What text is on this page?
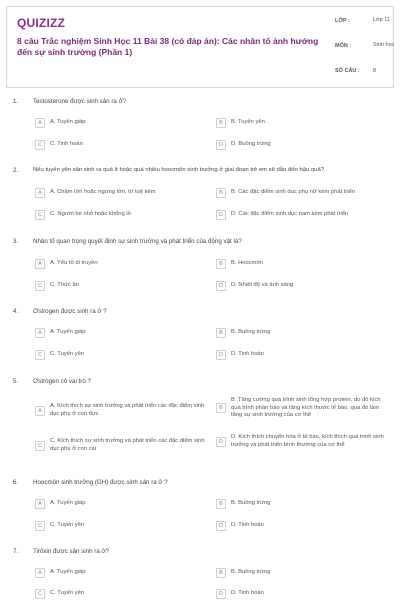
QUIZIZZ
8 câu Trắc nghiệm Sinh Học 11 Bài 38 (có đáp án): Các nhân tố ảnh hưởng đến sự sinh trưởng (Phần 1)
LỚP :	Lớp 11
MÔN :	Sinh học
SỐ CÂU : 8
1.	Testosterone được sinh sản ra ở?
A	A. Tuyến giáp	B	B. Tuyến yên
C	C. Tinh hoàn	D	D. Buồng trứng
2.	Nếu tuyến yên sản sinh ra quá ít hoặc quá nhiều hoocmôn sinh trưởng ở giai đoạn trẻ em sẽ dẫn đến hậu quả?
A	A. Chậm lớn hoặc ngừng lớn, trí tuệ kém	B	B. Các đặc điểm sinh dục phụ nữ kém phát triển
C	C. Người bé nhỏ hoặc khổng lồ	D	D. Các đặc điểm sinh dục nam kém phát triển
3.	Nhân tố quan trọng quyết định sự sinh trưởng và phát triển của động vật là?
A	A. Yếu tố di truyền	B	B. Hoocmôn
C	C. Thức ăn	D	D. Nhiệt độ và ánh sáng
4.	Ơstrogen được sinh ra ở ?
A	A. Tuyến giáp	B	B. Buồng trứng
C	C. Tuyến yên	D	D. Tinh hoàn
5.	Ơstrogen có vai trò ?
A
A. Kích thích sự sinh trưởng và phát triển các đặc điểm sinh dục phụ ở con đực
B
B. Tăng cường quá trình sinh tổng hợp protein, do đó kích quá trình phân bào và tăng kích thước tế bào, qua đó làm tăng sự sinh trưởng của cơ thể
C
C. Kích thích sự sinh trưởng và phát triển các đặc điểm sinh dục phụ ở con cái
D
D. Kích thích chuyển hóa ở tế bào, kích thích quá trình sinh trưởng và phát triển bình thường của cơ thể
6.	Hoocmôn sinh trưởng (GH) được sinh sản ra ở ?
A	A. Tuyến giáp	B	B. Buồng trứng
C	C. Tuyến yên	D	D. Tinh hoàn
7.	Tirôxin được sản sinh ra ở?
A	A. Tuyến giáp	B	B. Buồng trứng
C	C. Tuyến yên	D	D. Tinh hoàn
